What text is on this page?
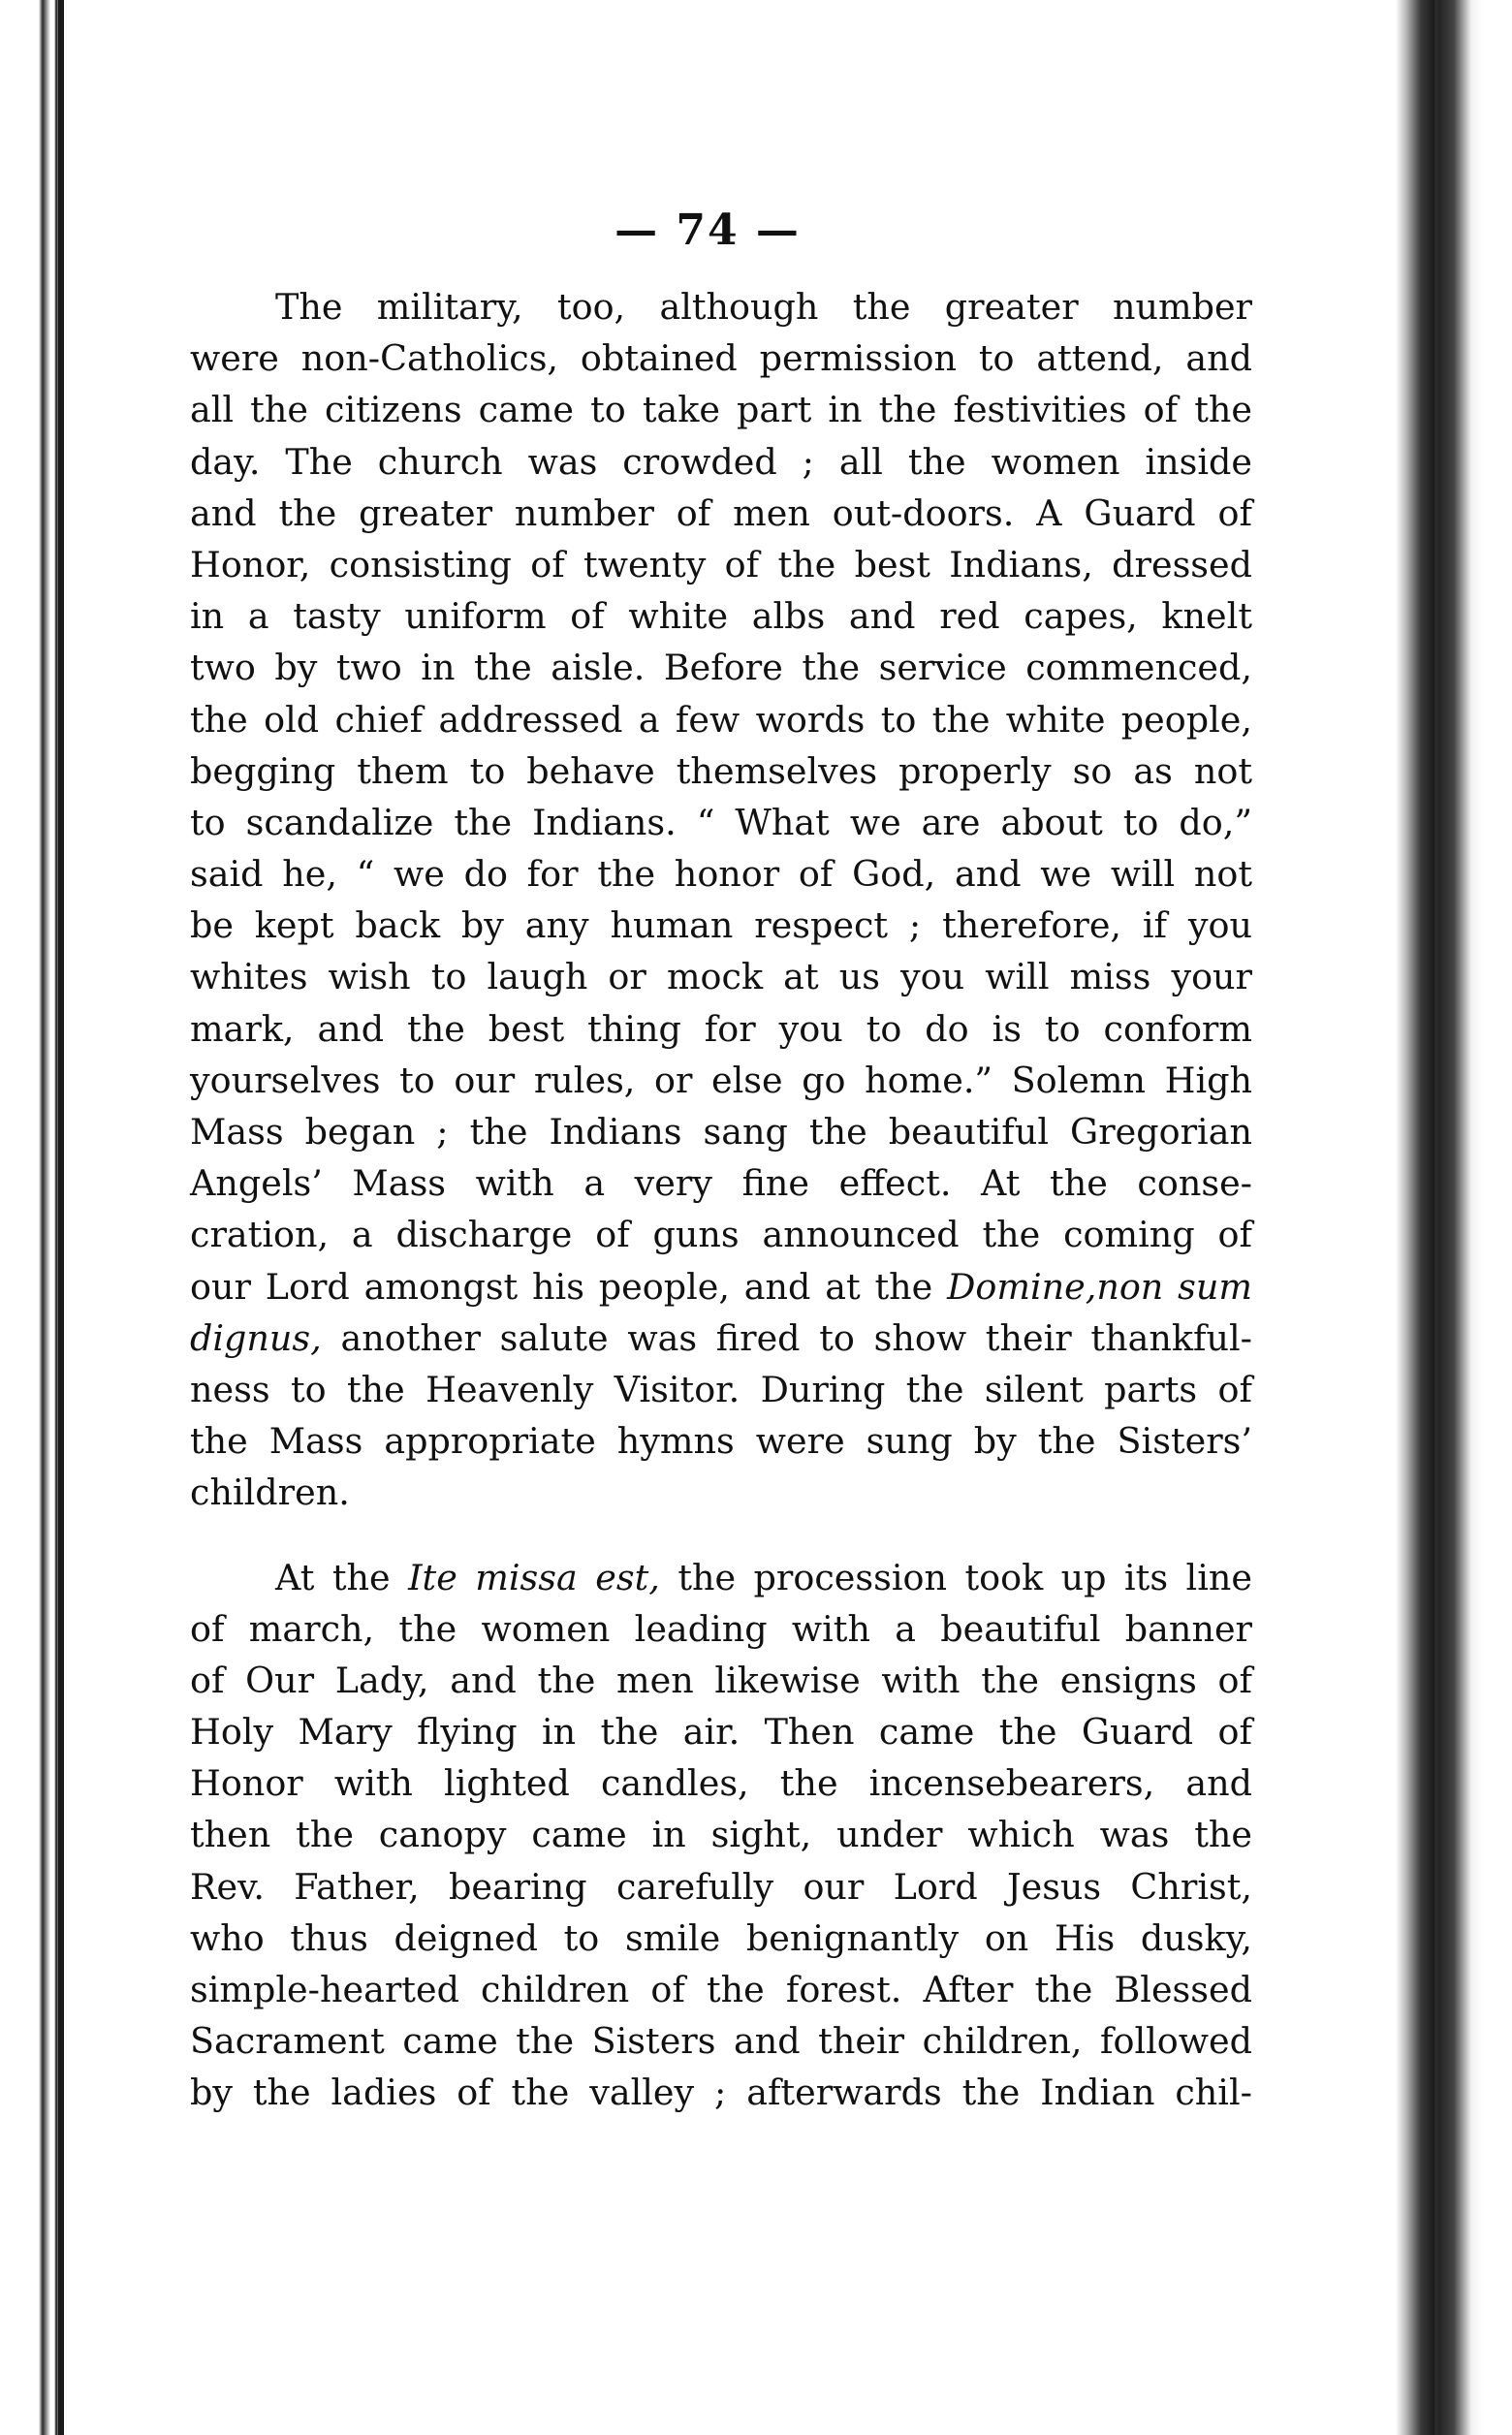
— 74 —
The military, too, although the greater number
were non-Catholics, obtained permission to attend, and
all the citizens came to take part in the festivities of the
day. The church was crowded ; all the women inside
and the greater number of men out-doors. A Guard of
Honor, consisting of twenty of the best Indians, dressed
in a tasty uniform of white albs and red capes, knelt
two by two in the aisle. Before the service commenced,
the old chief addressed a few words to the white people,
begging them to behave themselves properly so as not
to scandalize the Indians. “ What we are about to do,”
said he, “ we do for the honor of God, and we will not
be kept back by any human respect ; therefore, if you
whites wish to laugh or mock at us you will miss your
mark, and the best thing for you to do is to conform
yourselves to our rules, or else go home.” Solemn High
Mass began ; the Indians sang the beautiful Gregorian
Angels’ Mass with a very fine effect. At the conse-
cration, a discharge of guns announced the coming of
our Lord amongst his people, and at the Domine,non sum
dignus, another salute was fired to show their thankful-
ness to the Heavenly Visitor. During the silent parts of
the Mass appropriate hymns were sung by the Sisters’
children.
At the Ite missa est, the procession took up its line
of march, the women leading with a beautiful banner
of Our Lady, and the men likewise with the ensigns of
Holy Mary flying in the air. Then came the Guard of
Honor with lighted candles, the incensebearers, and
then the canopy came in sight, under which was the
Rev. Father, bearing carefully our Lord Jesus Christ,
who thus deigned to smile benignantly on His dusky,
simple-hearted children of the forest. After the Blessed
Sacrament came the Sisters and their children, followed
by the ladies of the valley ; afterwards the Indian chil-
